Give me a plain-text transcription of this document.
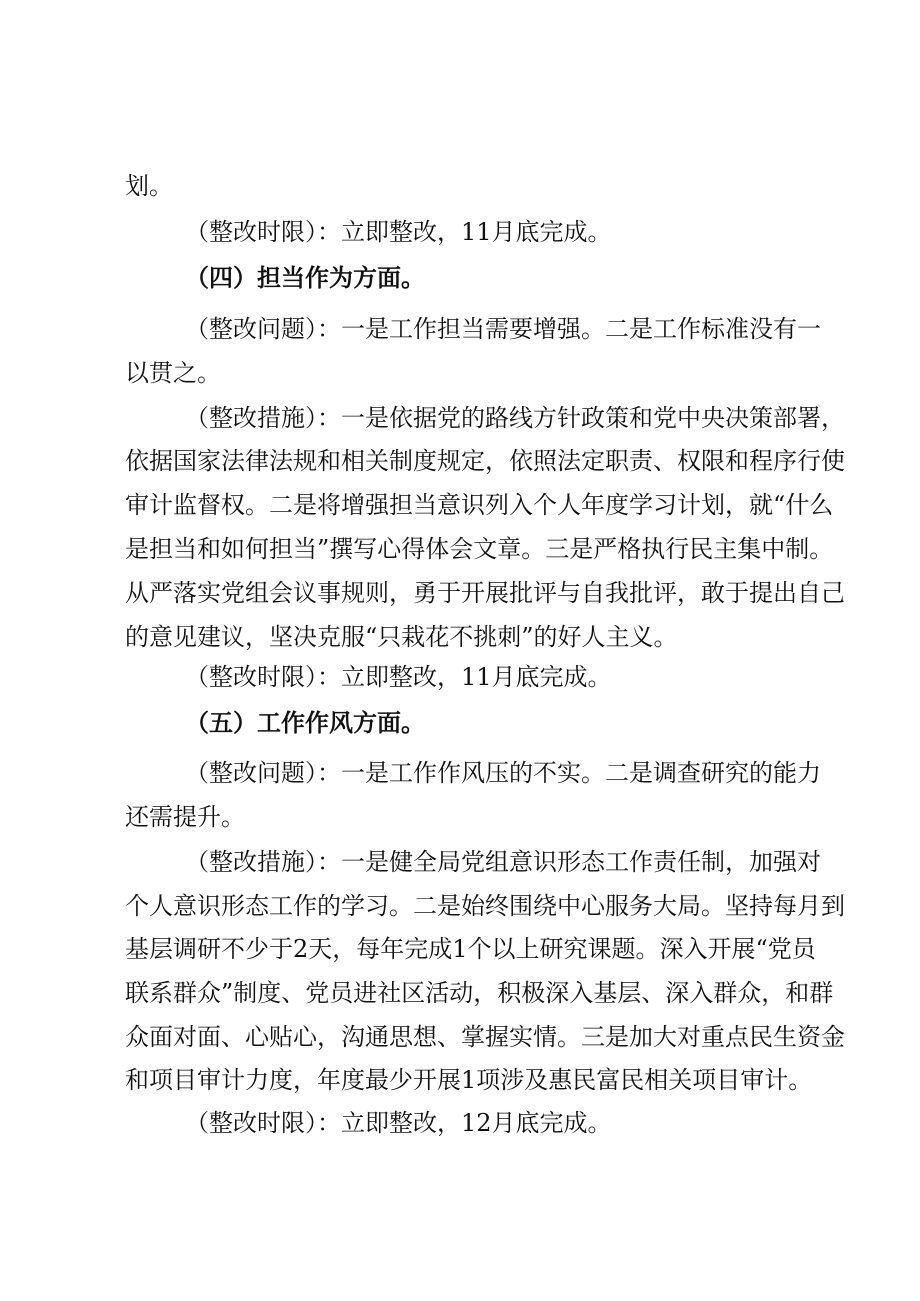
划。
（整改时限）：立即整改，11月底完成。
（四）担当作为方面。
（整改问题）：一是工作担当需要增强。二是工作标准没有一
以贯之。
（整改措施）：一是依据党的路线方针政策和党中央决策部署，
依据国家法律法规和相关制度规定，依照法定职责、权限和程序行使
审计监督权。二是将增强担当意识列入个人年度学习计划，就“什么
是担当和如何担当”撰写心得体会文章。三是严格执行民主集中制。
从严落实党组会议事规则，勇于开展批评与自我批评，敢于提出自己
的意见建议，坚决克服“只栽花不挑刺”的好人主义。
（整改时限）：立即整改，11月底完成。
（五）工作作风方面。
（整改问题）：一是工作作风压的不实。二是调查研究的能力
还需提升。
（整改措施）：一是健全局党组意识形态工作责任制，加强对
个人意识形态工作的学习。二是始终围绕中心服务大局。坚持每月到
基层调研不少于2天，每年完成1个以上研究课题。深入开展“党员
联系群众”制度、党员进社区活动，积极深入基层、深入群众，和群
众面对面、心贴心，沟通思想、掌握实情。三是加大对重点民生资金
和项目审计力度，年度最少开展1项涉及惠民富民相关项目审计。
（整改时限）：立即整改，12月底完成。
